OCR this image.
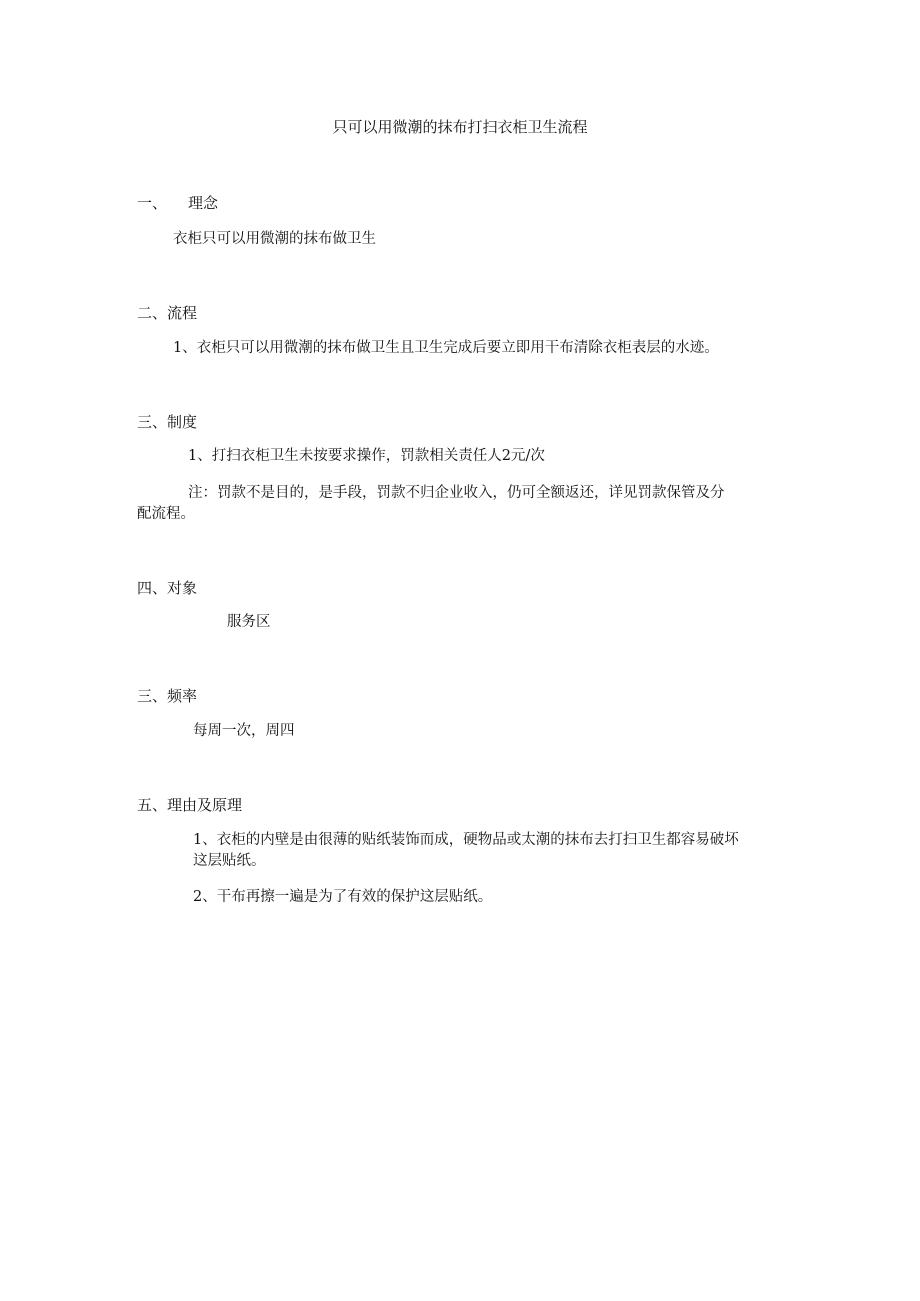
只可以用微潮的抹布打扫衣柜卫生流程
一、 理念
衣柜只可以用微潮的抹布做卫生
二、流程
1、衣柜只可以用微潮的抹布做卫生且卫生完成后要立即用干布清除衣柜表层的水迹。
三、制度
1、打扫衣柜卫生未按要求操作，罚款相关责任人2元/次
注：罚款不是目的，是手段，罚款不归企业收入，仍可全额返还，详见罚款保管及分
配流程。
四、对象
服务区
三、频率
每周一次，周四
五、理由及原理
1、衣柜的内壁是由很薄的贴纸装饰而成，硬物品或太潮的抹布去打扫卫生都容易破坏
这层贴纸。
2、干布再擦一遍是为了有效的保护这层贴纸。
